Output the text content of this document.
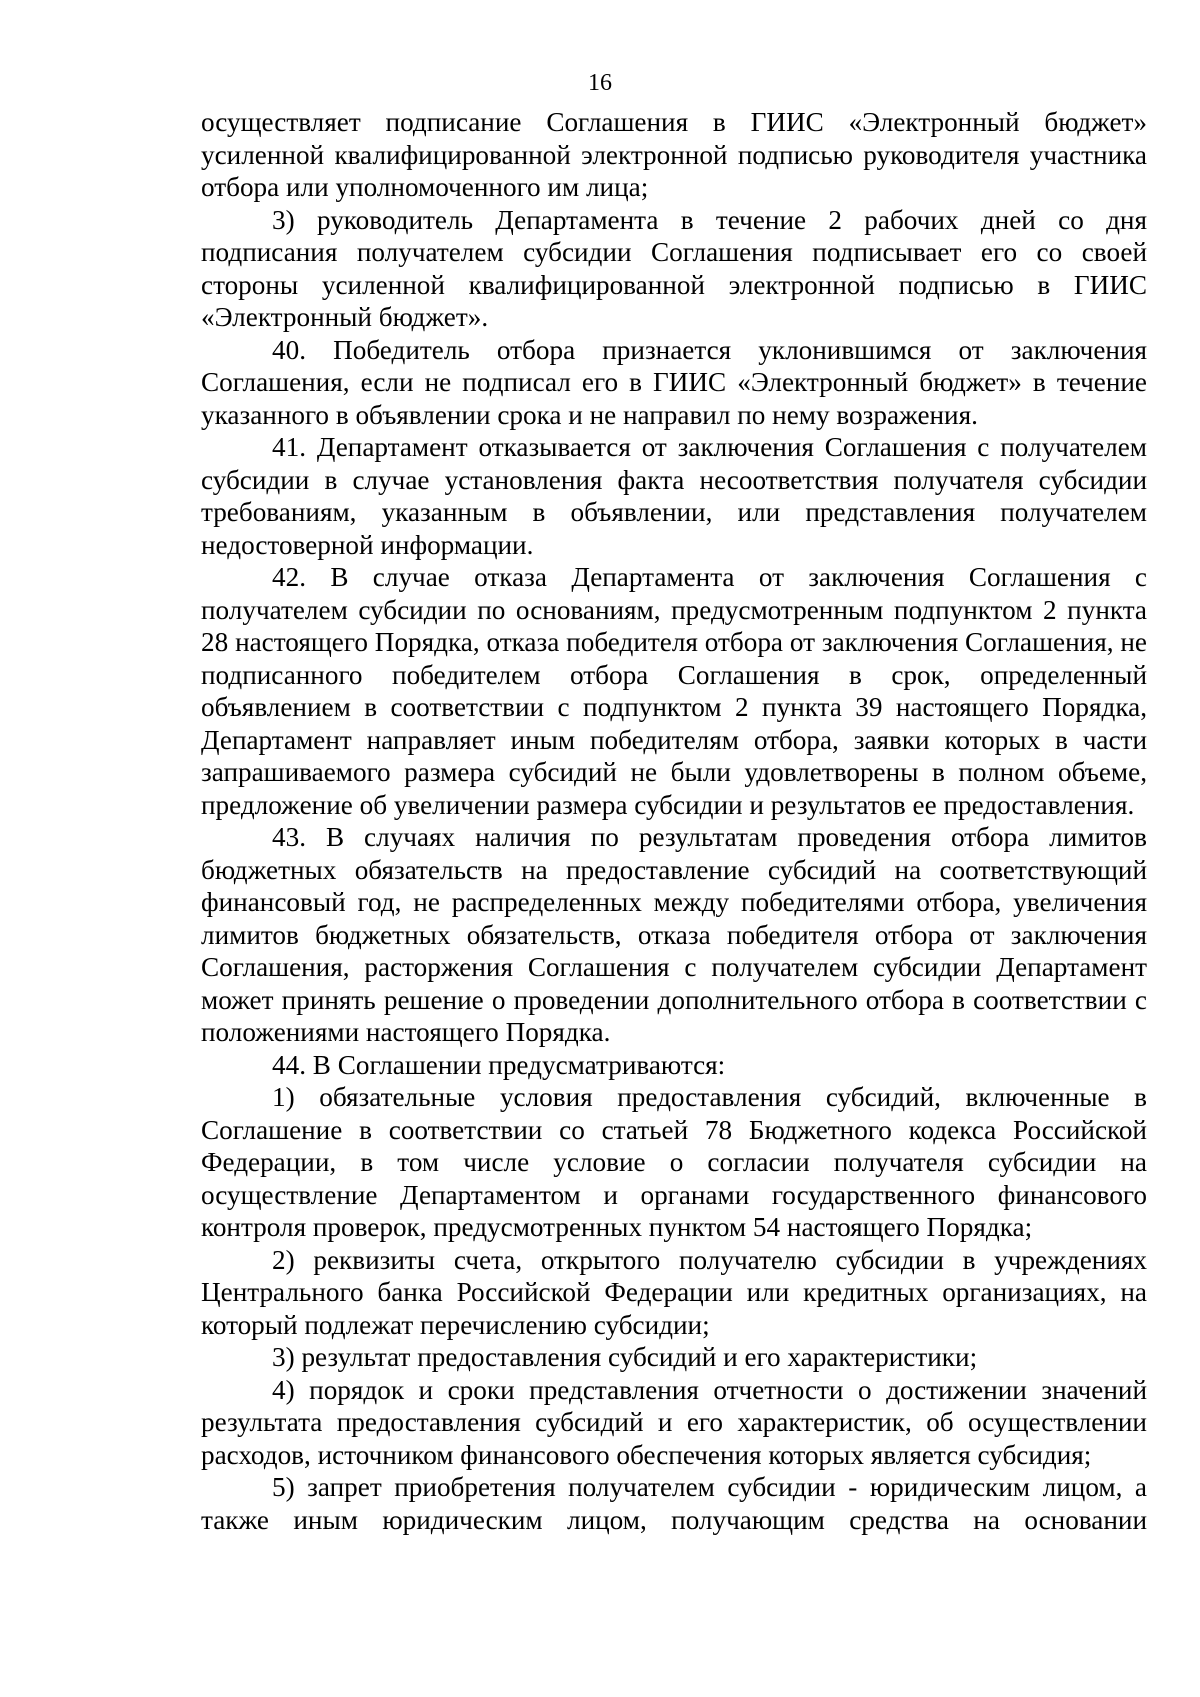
16

осуществляет подписание Соглашения в ГИИС «Электронный бюджет» усиленной квалифицированной электронной подписью руководителя участника отбора или уполномоченного им лица;

3) руководитель Департамента в течение 2 рабочих дней со дня подписания получателем субсидии Соглашения подписывает его со своей стороны усиленной квалифицированной электронной подписью в ГИИС «Электронный бюджет».

40. Победитель отбора признается уклонившимся от заключения Соглашения, если не подписал его в ГИИС «Электронный бюджет» в течение указанного в объявлении срока и не направил по нему возражения.

41. Департамент отказывается от заключения Соглашения с получателем субсидии в случае установления факта несоответствия получателя субсидии требованиям, указанным в объявлении, или представления получателем недостоверной информации.

42. В случае отказа Департамента от заключения Соглашения с получателем субсидии по основаниям, предусмотренным подпунктом 2 пункта 28 настоящего Порядка, отказа победителя отбора от заключения Соглашения, не подписанного победителем отбора Соглашения в срок, определенный объявлением в соответствии с подпунктом 2 пункта 39 настоящего Порядка, Департамент направляет иным победителям отбора, заявки которых в части запрашиваемого размера субсидий не были удовлетворены в полном объеме, предложение об увеличении размера субсидии и результатов ее предоставления.

43. В случаях наличия по результатам проведения отбора лимитов бюджетных обязательств на предоставление субсидий на соответствующий финансовый год, не распределенных между победителями отбора, увеличения лимитов бюджетных обязательств, отказа победителя отбора от заключения Соглашения, расторжения Соглашения с получателем субсидии Департамент может принять решение о проведении дополнительного отбора в соответствии с положениями настоящего Порядка.

44. В Соглашении предусматриваются:

1) обязательные условия предоставления субсидий, включенные в Соглашение в соответствии со статьей 78 Бюджетного кодекса Российской Федерации, в том числе условие о согласии получателя субсидии на осуществление Департаментом и органами государственного финансового контроля проверок, предусмотренных пунктом 54 настоящего Порядка;

2) реквизиты счета, открытого получателю субсидии в учреждениях Центрального банка Российской Федерации или кредитных организациях, на который подлежат перечислению субсидии;

3) результат предоставления субсидий и его характеристики;

4) порядок и сроки представления отчетности о достижении значений результата предоставления субсидий и его характеристик, об осуществлении расходов, источником финансового обеспечения которых является субсидия;

5) запрет приобретения получателем субсидии - юридическим лицом, а также иным юридическим лицом, получающим средства на основании
